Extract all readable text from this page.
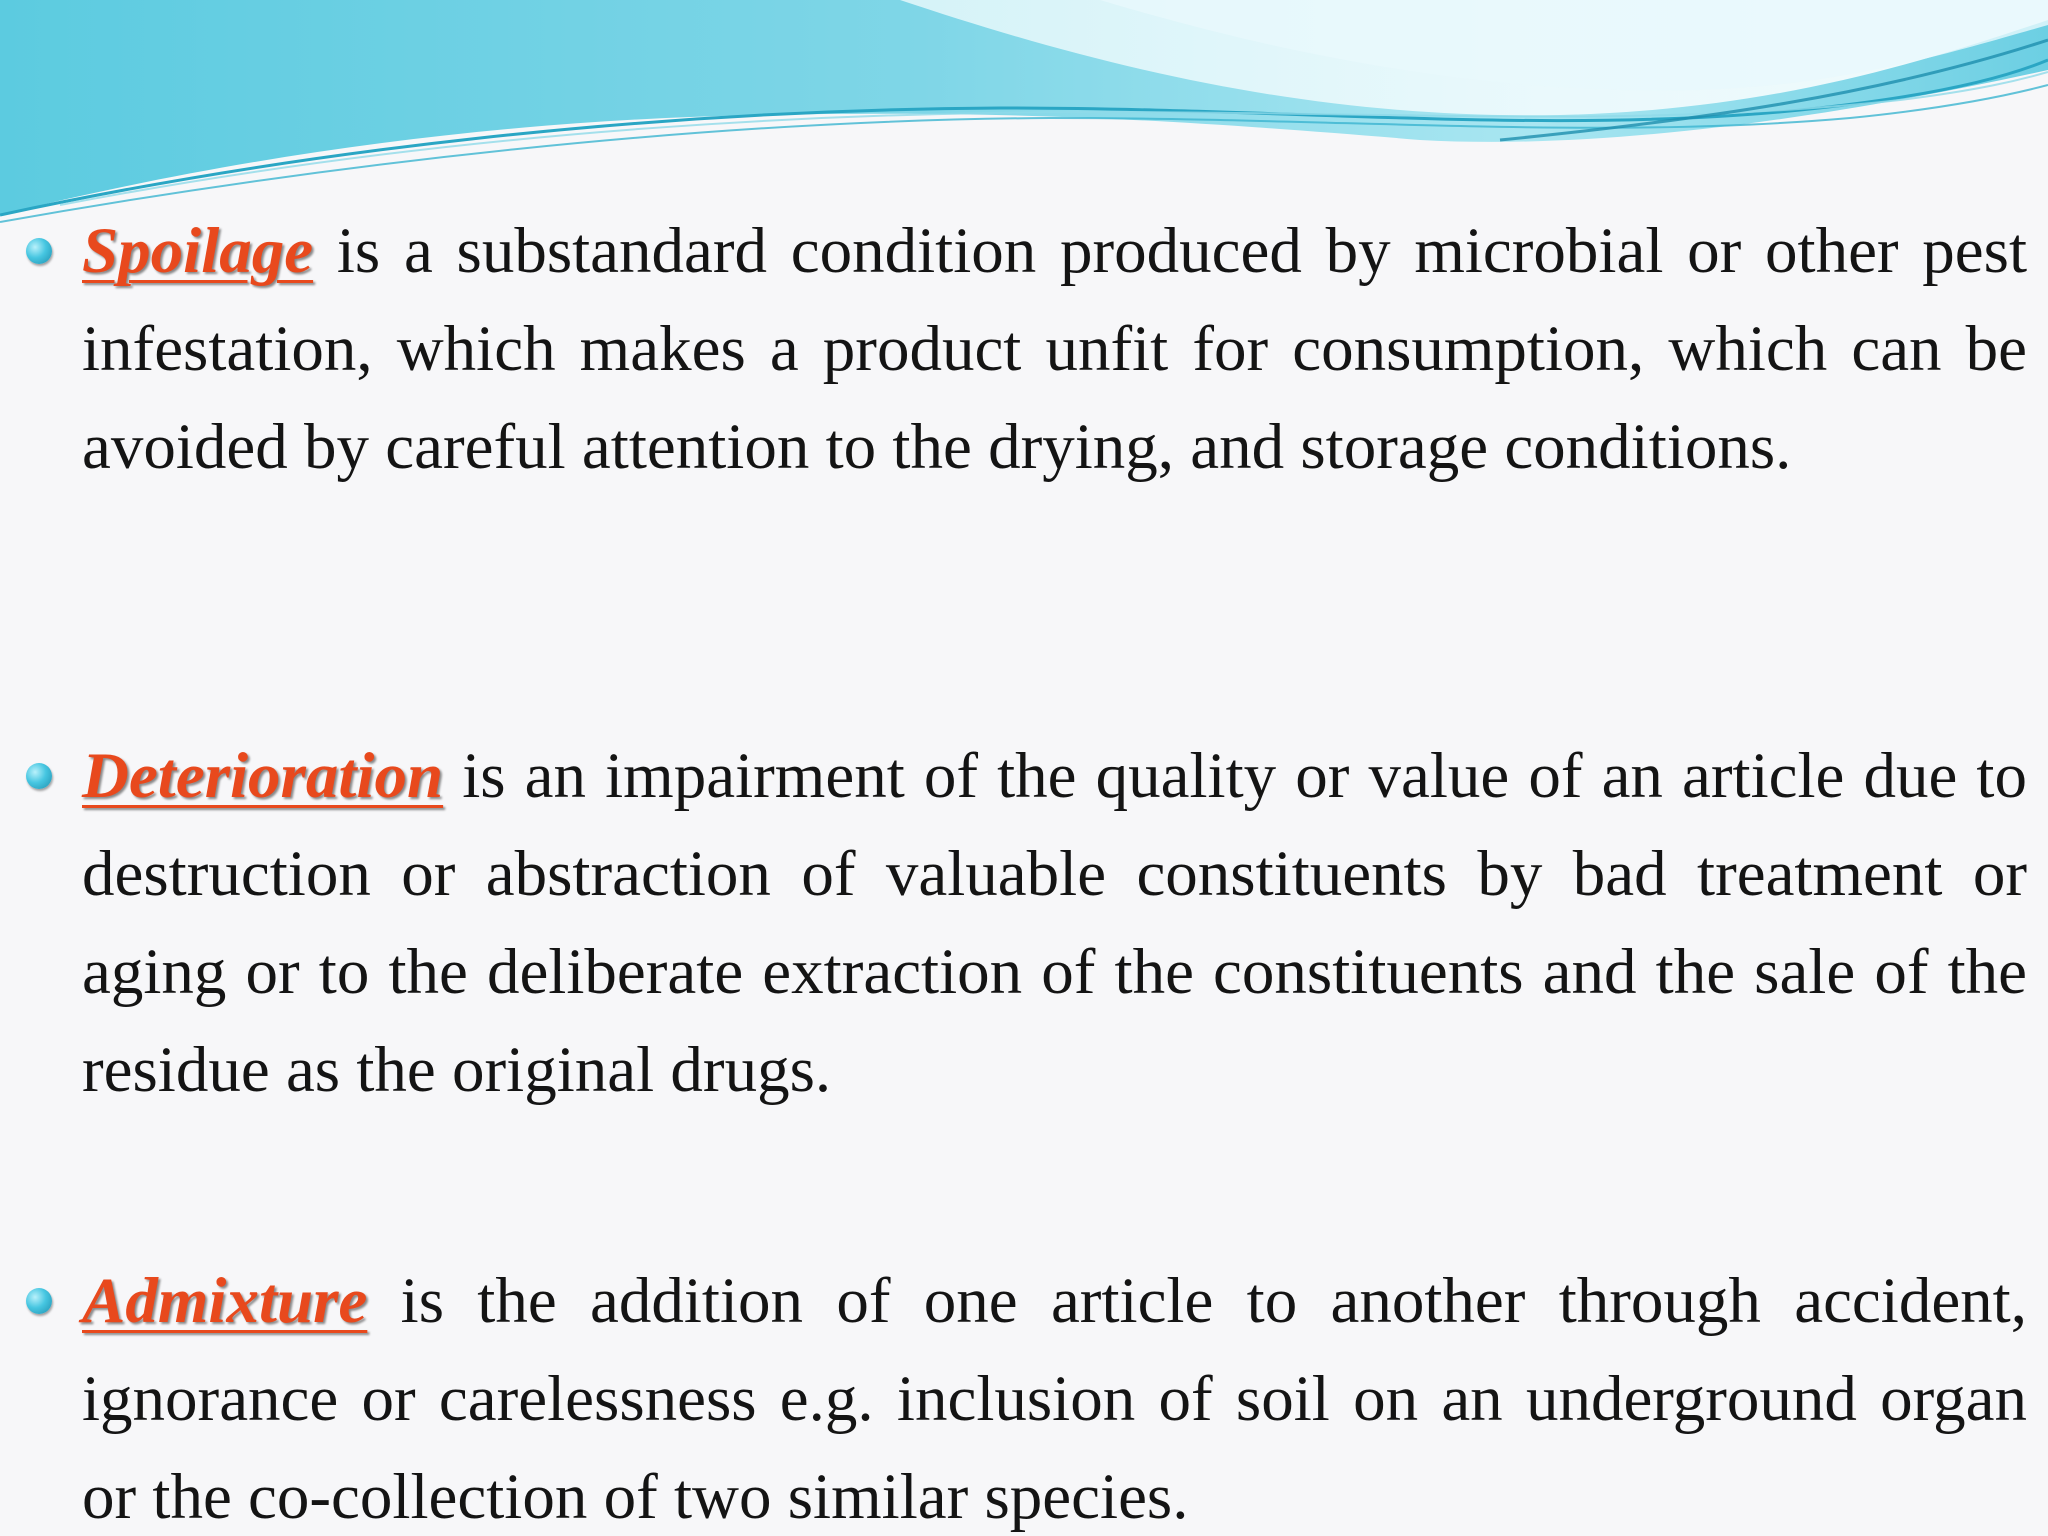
Spoilage is a substandard condition produced by microbial or other pest infestation, which makes a product unfit for consumption, which can be avoided by careful attention to the drying, and storage conditions.
Deterioration is an impairment of the quality or value of an article due to destruction or abstraction of valuable constituents by bad treatment or aging or to the deliberate extraction of the constituents and the sale of the residue as the original drugs.
Admixture is the addition of one article to another through accident, ignorance or carelessness e.g. inclusion of soil on an underground organ or the co-collection of two similar species.
